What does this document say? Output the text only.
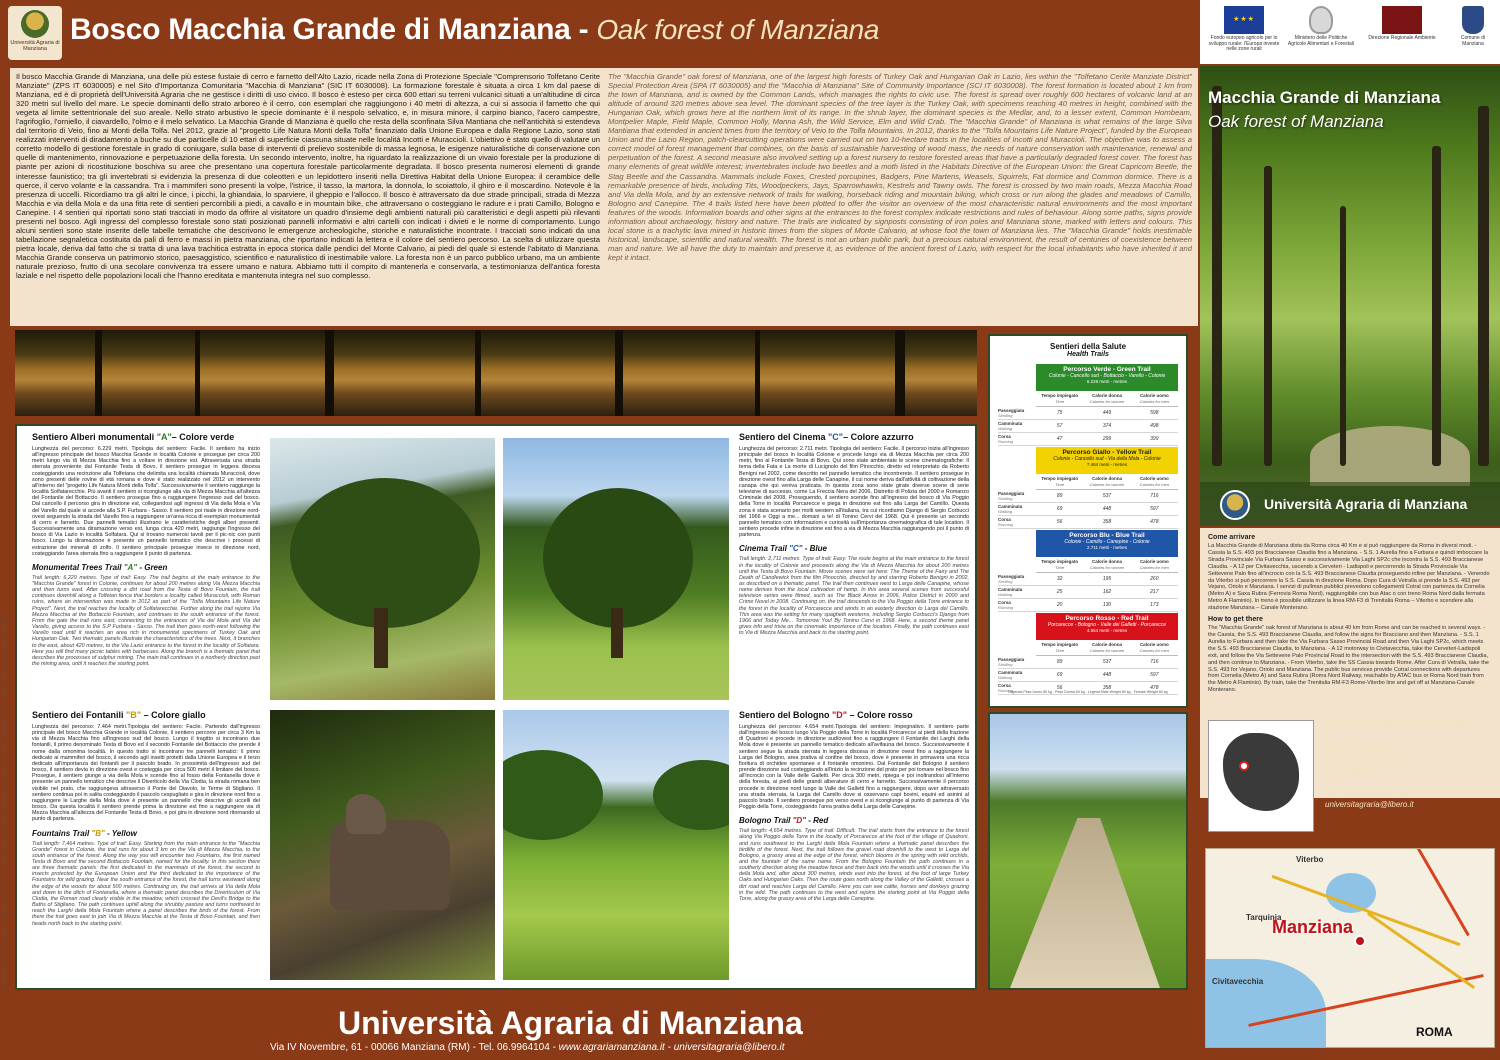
Università Agraria di Manziana
Bosco Macchia Grande di Manziana - Oak forest of Manziana	★★★
Fondo europeo agricolo per lo sviluppo rurale: l'Europa investe nelle zone rurali
Ministero delle Politiche Agricole Alimentari e Forestali
Direzione Regionale Ambiente	Comune di Manziana

Il bosco Macchia Grande di Manziana, una delle più estese fustaie di cerro e farnetto dell'Alto Lazio, ricade nella Zona di Protezione Speciale "Comprensorio Tolfetano Cerite Manziate" (ZPS IT 6030005) e nel Sito d'Importanza Comunitaria "Macchia di Manziana" (SIC IT 6030008). La formazione forestale è situata a circa 1 km dal paese di Manziana, ed è di proprietà dell'Università Agraria che ne gestisce i diritti di uso civico. Il bosco è esteso per circa 600 ettari su terreni vulcanici situati a un'altitudine di circa 320 metri sul livello del mare. Le specie dominanti dello strato arboreo è il cerro, con esemplari che raggiungono i 40 metri di altezza, a cui si associa il farnetto che qui vegeta al limite settentrionale del suo areale. Nello strato arbustivo le specie dominante è il nespolo selvatico, e, in misura minore, il carpino bianco, l'acero campestre, l'agrifoglio, l'orniello, il ciavardello, l'olmo e il melo selvatico. La Macchia Grande di Manziana è quello che resta della sconfinata Silva Mantiana che nell'antichità si estendeva dal territorio di Veio, fino ai Monti della Tolfa. Nel 2012, grazie al "progetto Life Natura Monti della Tolfa" finanziato dalla Unione Europea e dalla Regione Lazio, sono stati realizzati interventi di diradamento a buche su due particelle di 10 ettari di superficie ciascuna situate nelle località Incotti e Muraccioli. L'obiettivo è stato quello di valutare un corretto modello di gestione forestale in grado di coniugare, sulla base di interventi di prelievo sostenibile di massa legnosa, le esigenze naturalistiche di conservazione con quelle di mantenimento, rinnovazione e perpetuazione della foresta. Un secondo intervento, inoltre, ha riguardato la realizzazione di un vivaio forestale per la produzione di piante per azioni di ricostituzione boschiva su aree che presentano una copertura forestale particolarmente degradata. Il bosco presenta numerosi elementi di grande interesse faunistico; tra gli invertebrati si evidenzia la presenza di due coleotteri e un lepidottero inseriti nella Direttiva Habitat della Unione Europea: il cerambice delle querce, il cervo volante e la cassandra. Tra i mammiferi sono presenti la volpe, l'istrice, il tasso, la martora, la donnola, lo scoiattolo, il ghiro e il moscardino. Notevole è la presenza di uccelli. Ricordiamo tra gli altri le cince, i picchi, la ghiandaia, lo sparviere, il gheppio e l'allocco. Il bosco è attraversato da due strade principali, strada di Mezza Macchia e via della Mola e da una fitta rete di sentieri percorribili a piedi, a cavallo e in mountain bike, che attraversano o costeggiano le radure e i prati Camillo, Bologno e Canepine. I 4 sentieri qui riportati sono stati tracciati in modo da offrire al visitatore un quadro d'insieme degli ambienti naturali più caratteristici e degli aspetti più rilevanti presenti nel bosco. Agli ingressi del complesso forestale sono stati posizionati pannelli informativi e altri cartelli con indicati i divieti e le norme di comportamento. Lungo alcuni sentieri sono state inserite delle tabelle tematiche che descrivono le emergenze archeologiche, storiche e naturalistiche incontrate. I tracciati sono indicati da una tabellazione segnaletica costituita da pali di ferro e massi in pietra manziana, che riportano indicati la lettera e il colore del sentiero percorso. La scelta di utilizzare questa pietra locale, deriva dal fatto che si tratta di una lava trachitica estratta in epoca storica dalle pendici del Monte Calvario, ai piedi del quale si estende l'abitato di Manziana. Macchia Grande conserva un patrimonio storico, paesaggistico, scientifico e naturalistico di inestimabile valore. La foresta non è un parco pubblico urbano, ma un ambiente naturale prezioso, frutto di una secolare convivenza tra essere umano e natura. Abbiamo tutti il compito di mantenerla e conservarla, a testimonianza dell'antica foresta laziale e nel rispetto delle popolazioni locali che l'hanno ereditata e mantenuta integra nel suo complesso.

The "Macchia Grande" oak forest of Manziana, one of the largest high forests of Turkey Oak and Hungarian Oak in Lazio, lies within the "Tolfetano Cerite Manziate District" Special Protection Area (SPA IT 6030005) and the "Macchia di Manziana" Site of Community Importance (SCI IT 6030008). The forest formation is located about 1 km from the town of Manziana, and is owned by the Common Lands, which manages the rights to civic use. The forest is spread over roughly 600 hectares of volcanic land at an altitude of around 320 metres above sea level. The dominant species of the tree layer is the Turkey Oak, with specimens reaching 40 metres in height, combined with the Hungarian Oak, which grows here at the northern limit of its range. In the shrub layer, the dominant species is the Medlar, and, to a lesser extent, Common Hornbeam, Montpelier Maple, Field Maple, Common Holly, Manna Ash, the Wild Service, Elm and Wild Crab. The "Macchia Grande" of Manziana is what remains of the large Silva Mantiana that extended in ancient times from the territory of Veio to the Tolfa Mountains. In 2012, thanks to the "Tolfa Mountains Life Nature Project", funded by the European Union and the Lazio Region, patch-clearcutting operations were carried out on two 10-hectare tracts in the localities of Incotti and Muraccioli. The objective was to assess a correct model of forest management that combines, on the basis of sustainable harvesting of wood mass, the needs of nature conservation with maintenance, renewal and perpetuation of the forest. A second measure also involved setting up a forest nursery to restore forested areas that have a particularly degraded forest cover. The forest has many elements of great wildlife interest; invertebrates include two beetles and a moth listed in the Habitats Directive of the European Union: the Great Capricorn Beetle, the Stag Beetle and the Cassandra. Mammals include Foxes, Crested porcupines, Badgers, Pine Martens, Weasels, Squirrels, Fat dormice and Common dormice. There is a remarkable presence of birds, including Tits, Woodpeckers, Jays, Sparrowhawks, Kestrels and Tawny owls. The forest is crossed by two main roads, Mezza Macchia Road and Via della Mola, and by an extensive network of trails for walking, horseback riding and mountain biking, which cross or run along the glades and meadows of Camillo, Bologno and Canepine. The 4 trails listed here have been plotted to offer the visitor an overview of the most characteristic natural environments and the most important features of the woods. Information boards and other signs at the entrances to the forest complex indicate restrictions and rules of behaviour. Along some paths, signs provide information about archaeology, history and nature. The trails are indicated by signposts consisting of iron poles and Manziana stone, marked with letters and colours. This local stone is a trachytic lava mined in historic times from the slopes of Monte Calvario, at whose foot the town of Manziana lies. The "Macchia Grande" holds inestimable historical, landscape, scientific and natural wealth. The forest is not an urban public park, but a precious natural environment, the result of centuries of coexistence between man and nature. We all have the duty to maintain and preserve it, as evidence of the ancient forest of Lazio, with respect for the local inhabitants who have inherited it and kept it intact.

Macchia Grande di Manziana
Oak forest of Manziana
Università Agraria di Manziana
Come arrivare

La Macchia Grande di Manziana dista da Roma circa 40 Km e si può raggiungere da Roma in diversi modi. - Cassia la S.S. 493 poi Braccianese Claudia fino a Manziana. - S.S. 1 Aurelia fino a Furbara e quindi imboccare la Strada Provinciale Via Furbara Sasso e successivamente Via Laghi SP2c che incontra la S.S. 493 Braccianese Claudia. - A 12 per Civitavecchia, uscendo a Cerveteri - Ladispoli e percorrendo la Strada Provinciale Via Settevene Palo fino all'incrocio con la S.S. 493 Braccianese Claudia proseguendo infine per Manziana. - Venendo da Viterbo si può percorrere la S.S. Cassia in direzione Roma. Dopo Cura di Vetralla si prende la S.S. 493 per Vejano, Oriolo e Manziana. I servizi di pullman pubblici prevedono collegamenti Cotral con partenza da Cornelia (Metro A) e Saxa Rubra (Ferrovia Roma Nord), raggiungibile con bus Atac o con treno Roma Nord dalla fermata Metro A Flaminio). In treno è possibile utilizzare la linea RM-F3 di Trenitalia Roma – Viterbo e scendere alla stazione Manziana – Canale Monterano.

How to get there

The "Macchia Grande" oak forest of Manziana is about 40 km from Rome and can be reached in several ways. - the Cassia, the S.S. 493 Braccianese Claudia, and follow the signs for Bracciano and then Manziana. - S.S. 1 Aurelia to Furbara and then take the Via Furbara Sasso Provincial Road and then Via Laghi SP2c, which meets the S.S. 493 Braccianese Claudia, to Manziana. - A 12 motorway to Civitavecchia, take the Cerveteri-Ladispoli exit, and follow the Via Settevene Palo Provincial Road to the intersection with the S.S. 493 Braccianese Claudia, and then continue to Manziana. - From Viterbo, take the SS Cassia towards Rome. After Cura di Vetralla, take the S.S. 493 for Vejano, Oriolo and Manziana. The public bus services provide Cotral connections with departures from Cornelia (Metro A) and Saxa Rubra (Roma Nord Railway, reachable by ATAC bus or Roma Nord train from the Metro A Flaminio). By train, take the Trenitalia RM-F3 Rome-Viterbo line and get off at Manziana-Canale Monterano.

Università Agraria di Manziana
Via IV Novembre, 61
00066 Manziana (RM)
Tel. 06.9964104
www.agrariamanziana.it
universitagraria@libero.it
Viterbo
Tarquinia
Civitavecchia
Manziana
ROMA
Sentiero Alberi monumentali "A"– Colore verde

Lunghezza del percorso: 6.229 metri. Tipologia del sentiero: Facile. Il sentiero ha inizio all'ingresso principale del bosco Macchia Grande in località Colonie e prosegue per circa 200 metri lungo via di Mezza Macchia fino a voltare in direzione est. Attraversata una strada sterrata proveniente dal Fontanile Testa di Bovo, il sentiero prosegue in leggera discesa costeggiando una recinzione alla Tolfetana che delimita una località chiamata Muraccioli, dove sono presenti delle rovine di età romana e dove è stato realizzato nel 2012 un intervento all'interno del "progetto Life Natura Monti della Tolfa". Successivamente il sentiero raggiunge la località Solfatarecchie. Più avanti il sentiero si ricongiunge alla via di Mezza Macchia all'altezza del Fontanile del Bottaccio. Il sentiero prosegue fino a raggiungere l'ingresso sud del bosco. Dal cancello il percorso gira in direzione est, collegandosi agli ingressi di Via della Mola e Via del Varello dal quale si accede alla S.P. Furbara - Sasso. Il sentiero poi risale in direzione nord-ovest seguendo la strada del Varello fino a raggiungere un'area ricca di esemplari monumentali di cerro e farnetto. Due pannelli tematici illustrano le caratteristiche degli alberi presenti. Successivamente una diramazione verso est, lunga circa 420 metri, raggiunge l'ingresso del bosco di Via Lazio in località Solfatara. Qui si trovano numerosi tavoli per il pic-nic con punti fuoco. Lungo la diramazione è presente un pannello tematico che descrive i processi di estrazione dei minerali di zolfo. Il sentiero principale prosegue invece in direzione nord, costeggiando l'area sterrata fino a raggiungere il punto di partenza.

Monumental Trees Trail "A" - Green

Trail length: 6,229 metres. Type of trail: Easy. The trail begins at the main entrance to the "Macchia Grande" forest in Colonie, continues for about 200 metres along Via Mezza Macchia and then turns east. After crossing a dirt road from the Testa di Bovo Fountain, the trail continues downhill along a Tolfetan fence that borders a locality called Muraccioli, with Roman ruins, where an intervention was made in 2012 as part of the "Tolfa Mountains Life Nature Project". Next, the trail reaches the locality of Solfatarecchie. Further along the trail rejoins Via Mezza Macchia at the Bottaccio Fountain, and continues to the south entrance of the forest. From the gate the trail runs east, connecting to the entrances of Via del Mola and Via del Varello, giving access to the S.P Furbara - Sasso. The trail then goes north-west following the Varello road until it reaches an area rich in monumental specimens of Turkey Oak and Hungarian Oak. Two thematic panels illustrate the characteristics of the trees. Next, it branches to the east, about 420 metres, to the Via Lazio entrance to the forest in the locality of Solfatara. Here you will find many picnic tables with barbecues. Along the branch is a thematic panel that describes the processes of sulphur mining. The main trail continues in a northerly direction past the mining area, until it reaches the starting point.

Sentiero dei Fontanili "B" – Colore giallo

Lunghezza del percorso: 7.464 metri.Tipologia del sentiero: Facile. Partendo dall'ingresso principale del bosco Macchia Grande in località Colonie, il sentiero percorre per circa 3 Km la via di Mezza Macchia fino all'ingresso sud del bosco. Lungo il tragitto si incontrano due fontanili, il primo denominato Testa di Bovo ed il secondo Fontanile del Bottaccio che prende il nome dalla omonima località. In questo tratto si incontrano tre pannelli tematici: il primo dedicato ai mammiferi del bosco, il secondo agli insetti protetti dalla Unione Europea e il terzo dedicato all'importanza dei fontanili per il pascolo brado. In prossimità dell'ingresso sud del bosco, il sentiero devia in direzione ovest e costeggia per circa 500 metri il limitare del bosco. Prosegue, il sentiero giunge a via della Mola e scende fino al fosso della Fontanella dove è presente un pannello tematico che descrive il Diverticolo della Via Clodia, la strada romana ben visibile nel prato, che raggiungeva attraverso il Ponte del Diavolo, le Terme di Stigliano. Il sentiero continua poi in salita costeggiando il pascolo cespugliato e gira in direzione nord fino a raggiungere le Larghe della Mola dove è presente un pannello che descrive gli uccelli del bosco. Da questa località il sentiero prende prima la direzione est fino a raggiungere via di Mezza Macchia all'altezza del Fontanile Testa di Bovo, e poi gira in direzione nord ritornando al punto di partenza.

Fountains Trail "B" - Yellow

Trail length: 7,464 metres. Type of trail: Easy. Starting from the main entrance to the "Macchia Grande" forest in Colonie, the trail runs for about 3 km on the Via di Mezza Macchia, to the south entrance of the forest. Along the way you will encounter two Fountains, the first named Testa di Bovo and the second Bottaccio Fountain, named for the locality. In this section there are three thematic panels: the first dedicated to the mammals of the forest, the second to insects protected by the European Union and the third dedicated to the importance of the Fountains for wild grazing. Near the south entrance of the forest, the trail turns westward along the edge of the woods for about 500 metres. Continuing on, the trail arrives at Via della Mola and down to the ditch of Fontanella, where a thematic panel describes the Diverticulum of Via Clodia, the Roman road clearly visible in the meadow, which crossed the Devil's Bridge to the Baths of Stigliano. The path continues uphill along the shrubby pasture and turns northward to reach the Larghi della Mola Fountain where a panel describes the birds of the forest. From there the trail goes east to join Via di Mezza Macchia at the Testa di Bovo Fountain, and then heads north back to the starting point.

Sentiero del Cinema "C"– Colore azzurro

Lunghezza del percorso: 2.711 metri. Tipologia del sentiero: Facile. Il percorso inizia all'ingresso principale del bosco in località Colonie e procede lungo via di Mezza Macchia per circa 200 metri, fino al Fontanile Testa di Bovo. Qui sono state ambientate le scene cinematografiche: Il tema della Fata e La morte di Lucignolo del film Pinocchio, diretto ed interpretato da Roberto Benigni nel 2002, come descritto nel pannello tematico che incontrerete. Il sentiero prosegue in direzione ovest fino alla Larga delle Canapine, il cui nome deriva dall'attività di coltivazione della canapa che qui veniva praticata. In questa zona sono state girate diverse scene di serie televisive di successo, come La Freccia Nera del 2006, Distretto di Polizia del 2000 e Romanzo Criminale del 2008. Proseguendo, il sentiero scende fino all'ingresso del bosco di Via Poggio della Torre in località Porcarecce e piega in direzione est fino alla Larga del Camillo. Questa zona è stata scenario per molti western all'italiana, tra cui ricordiamo Django di Sergio Corbucci del 1966 e Oggi a me... domani a te! di Tonino Cervi del 1968. Qui è presente un secondo pannello tematico con informazioni e curiosità sull'importanza cinematografica di tale location. Il sentiero procede infine in direzione est fino a via di Mezza Macchia raggiungendo poi il punto di partenza.

Cinema Trail "C" - Blue

Trail length: 2,711 metres. Type of trail: Easy. The route begins at the main entrance to the forest in the locality of Colonie and proceeds along the Via di Mezza Macchia for about 200 metres until the Testa di Bovo Fountain. Movie scenes were set here: The Theme of the Fairy and The Death of Candlewick from the film Pinocchio, directed by and starring Roberto Benigni in 2002, as described on a thematic panel. The trail then continues west to Larga delle Canapine, whose name derives from the local cultivation of hemp. In this area several scenes from successful television series were filmed, such as The Black Arrow in 2006, Police District in 2000 and Crime Novel in 2008. Continuing on, the trail descends to the Via Poggio della Torre entrance to the forest in the locality of Porcarecce and winds in an easterly direction to Larga del Camillo. This area was the setting for many spaghetti westerns, including Sergio Corbucci's Django from 1966 and Today Me... Tomorrow You! By Tonino Cervi in 1968. Here, a second theme panel gives info and trivia on the cinematic importance of the location. Finally, the path continues east to Via di Mezza Macchia and back to the starting point.

Sentiero del Bologno "D" – Colore rosso

Lunghezza del percorso: 4.654 metri.Tipologia del sentiero: Impegnativo. Il sentiero parte dall'ingresso del bosco lungo Via Poggio della Torre in località Porcarecce ai piedi della frazione di Quadroni e procede in direzione sud/ovest fino a raggiungere il Fontanile dei Larghi della Mola dove è presente un pannello tematico dedicato all'avifauna del bosco. Successivamente il sentiero segue la strada sterrata in leggera discesa in direzione ovest fino a raggiungere la Larga del Bologno, area prativa al confine del bosco, dove è presente in primavera una ricca fioritura di orchidee spontanee e il fontanile omonimo. Dal Fontanile del Bologno il sentiero prende direzione sud costeggiando all'inizio la recinzione del prato per poi tornare nel bosco fino all'incrocio con la Valle delle Galletti. Per circa 300 metri, ripiega e poi inoltrandosi all'interno della foresta, ai piedi delle grandi alberature di cerro e farnetto. Successivamente il percorso procede in direzione nord lungo la Valle dei Galletti fino a raggiungere, dopo aver attraversato una strada sterrata, la Larga del Camillo dove si osservano capi bovini, equini ed asinini al pascolo brado. Il sentiero prosegue poi verso ovest e si ricongiunge al punto di partenza di Via Poggio della Torre, costeggiando l'area prativa della Larga delle Canepine.

Bologno Trail "D" - Red

Trail length: 4,654 metres. Type of trail: Difficult. The trail starts from the entrance to the forest along Via Poggio della Torre in the locality of Porcarecce at the foot of the village of Quadroni, and runs southwest to the Larghi della Mola Fountain where a thematic panel describes the birdlife of the forest. Next, the trail follows the gravel road downhill to the west to Larga del Bologno, a grassy area at the edge of the forest, which blooms in the spring with wild orchids, and the fountain of the same name. From the Bologno Fountain the path continues in a southerly direction along the meadow fence and then back into the woods until it crosses the Via della Mola and, after about 300 metres, winds east into the forest, at the foot of large Turkey Oaks and Hungarian Oaks. Then the route goes north along the Valley of the Galletti, crosses a dirt road and reaches Larga del Camillo. Here you can see cattle, horses and donkeys grazing in the wild. The path continues to the west and rejoins the starting point at Via Poggio della Torre, along the grassy area of the Larga delle Canepine.

Sentieri della Salute
Health Trails
Percorso Verde - Green Trail
Colonie - Cancello sud - Bottaccio - Varello - Colonie
6.229 metri - metres
Tempo impiegato
Time
Calorie donna
Calories for women
Calorie uomo
Calories for men
Passeggiata
Strolling	75	449	598
Camminata
Walking	57	374	498
Corsa
Running	47	299	399
Percorso Giallo - Yellow Trail
Colonie - Cancello sud - Via della Mola - Colonie
7.464 metri - metres
Tempo impiegato
Time
Calorie donna
Calories for women
Calorie uomo
Calories for men
Passeggiata
Strolling	89	537	716
Camminata
Walking	69	448	597
Corsa
Running	56	358	478
Percorso Blu - Blue Trail
Colonie - Camillo - Canepine - Colonie
2.711 metri - metres
Tempo impiegato
Time
Calorie donna
Calories for women
Calorie uomo
Calories for men
Passeggiata
Strolling	32	195	260
Camminata
Walking	25	162	217
Corsa
Running	20	130	173
Percorso Rosso - Red Trail
Porcarecce - Bologno - Valle dei Galletti - Porcarecce
4.654 metri - metres
Tempo impiegato
Time
Calorie donna
Calories for women
Calorie uomo
Calories for men
Passeggiata
Strolling	89	537	716
Camminata
Walking	69	448	597
Corsa
Running	56	358	478
Legenda Peso Uomo 80 kg - Peso Donna 60 kg - Legend Male Weight 80 kg - Female Weight 60 kg
Direzione dei Lavori M. Roncolotti - Coordinamento, testi e foto G. Pirola - Disegno A. M. Pirola - Elaborazione cartografica R. Pisano - Traduzione testi J. K. Vandin - Grafica e stampa Gangemi Pubblicità
Università Agraria di Manziana
Via IV Novembre, 61 - 00066 Manziana (RM) - Tel. 06.9964104 - www.agrariamanziana.it - universitagraria@libero.it
